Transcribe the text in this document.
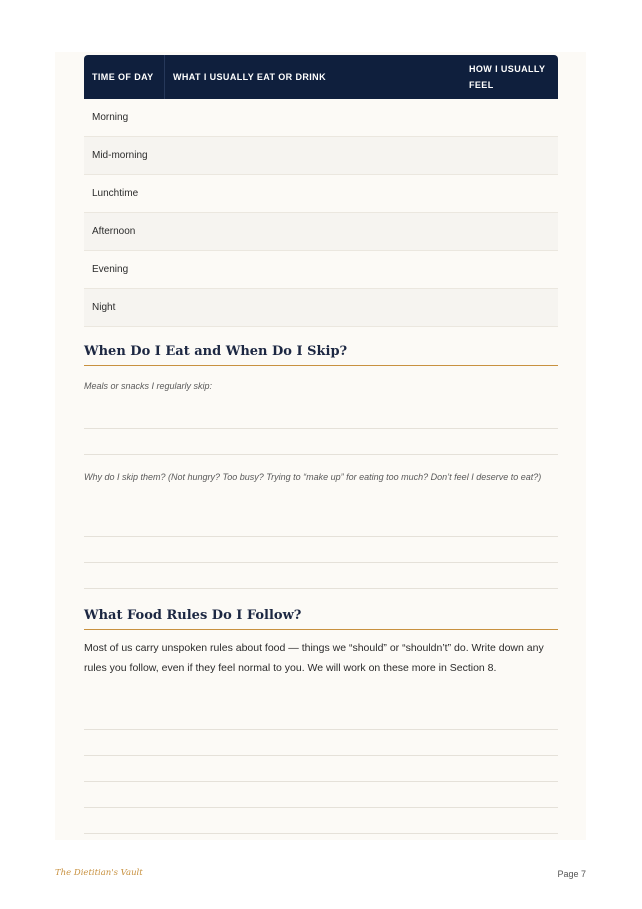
TIME OF DAY	WHAT I USUALLY EAT OR DRINK
HOW I USUALLY FEEL
Morning
Mid-morning
Lunchtime
Afternoon
Evening
Night
When Do I Eat and When Do I Skip?
Meals or snacks I regularly skip:
Why do I skip them? (Not hungry? Too busy? Trying to “make up” for eating too much? Don’t feel I deserve to eat?)
What Food Rules Do I Follow?
Most of us carry unspoken rules about food — things we “should” or “shouldn’t” do. Write down any rules you follow, even if they feel normal to you. We will work on these more in Section 8.
The Dietitian's Vault	Page 7
